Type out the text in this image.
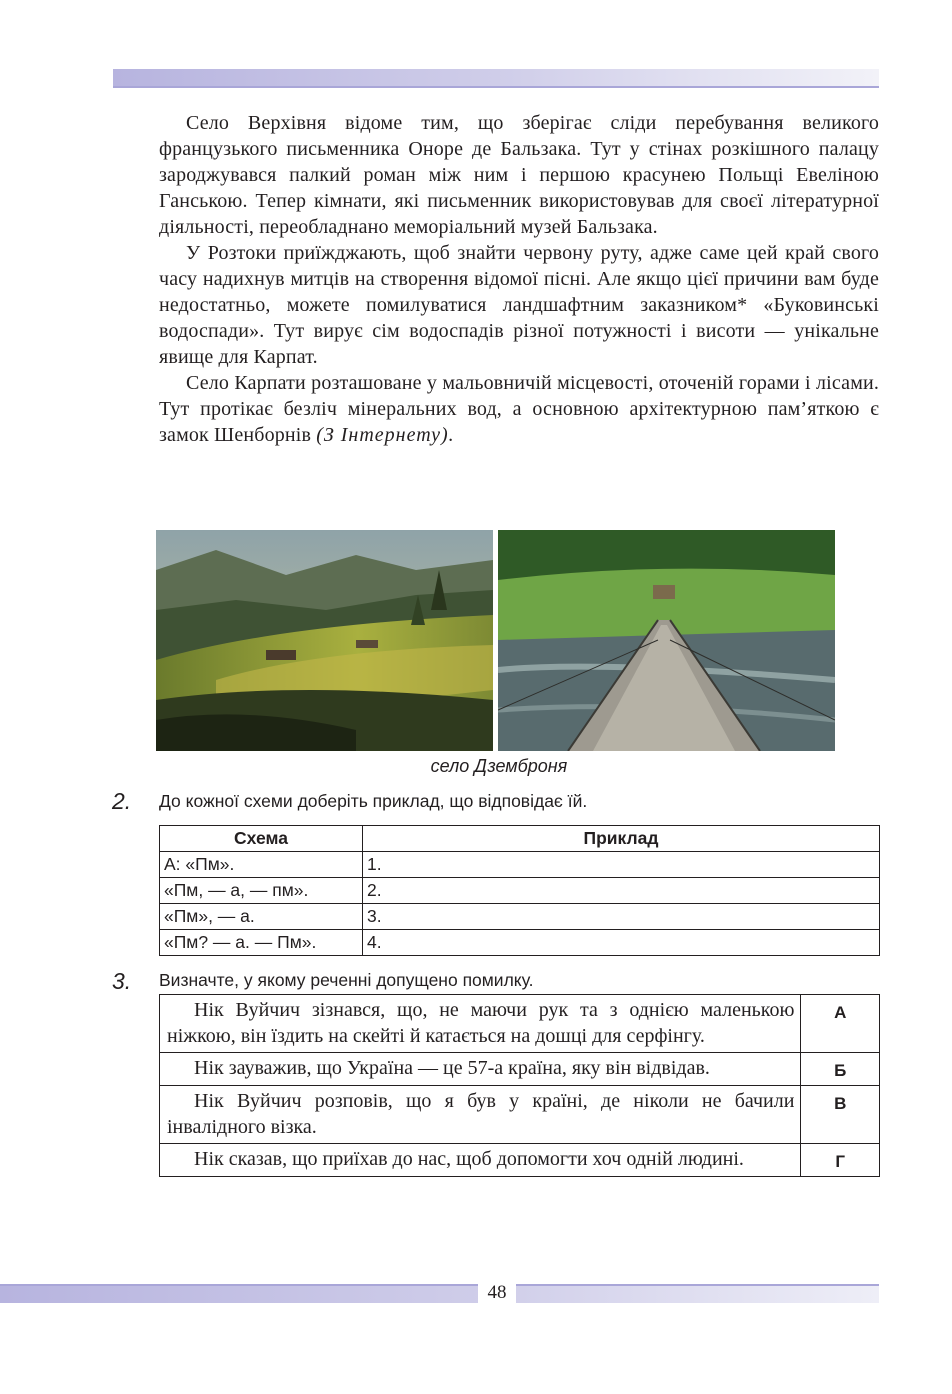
Село Верхівня відоме тим, що зберігає сліди перебування великого французького письменника Оноре де Бальзака. Тут у стінах розкішного палацу зароджувався палкий роман між ним і першою красунею Польщі Евеліною Ганською. Тепер кімнати, які письменник використовував для своєї літературної діяльності, переобладнано меморіальний музей Бальзака.

У Розтоки приїжджають, щоб знайти червону руту, адже саме цей край свого часу надихнув митців на створення відомої пісні. Але якщо цієї причини вам буде недостатньо, можете помилуватися ландшафтним заказником* «Буковинські водоспади». Тут вирує сім водоспадів різної потужності і висоти — унікальне явище для Карпат.

Село Карпати розташоване у мальовничій місцевості, оточеній горами і лісами. Тут протікає безліч мінеральних вод, а основною архітектурною пам’яткою є замок Шенборнів (З Інтернету).

село Дземброня
2. До кожної схеми доберіть приклад, що відповідає їй.
Схема	Приклад
А: «Пм».	1.
«Пм, — а, — пм».	2.
«Пм», — а.	3.
«Пм? — а. — Пм».	4.
3. Визначте, у якому реченні допущено помилку.
Нік Вуйчич зізнався, що, не маючи рук та з однією маленькою ніжкою, він їздить на скейті й катається на дошці для серфінгу.	А

Нік зауважив, що Україна — це 57-а країна, яку він відвідав.	Б

Нік Вуйчич розповів, що я був у країні, де ніколи не бачили інвалідного візка.	В

Нік сказав, що приїхав до нас, щоб допомогти хоч одній людині.	Г
48
